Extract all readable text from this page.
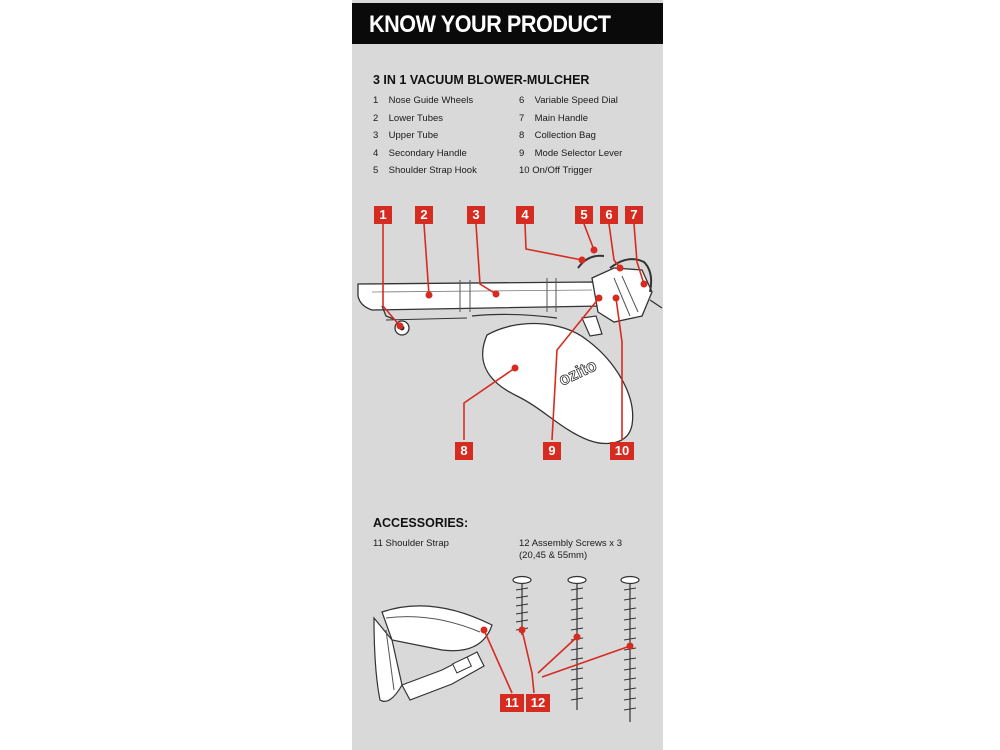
KNOW YOUR PRODUCT
3 IN 1 VACUUM BLOWER-MULCHER
1 Nose Guide Wheels
2 Lower Tubes
3 Upper Tube
4 Secondary Handle
5 Shoulder Strap Hook
6 Variable Speed Dial
7 Main Handle
8 Collection Bag
9 Mode Selector Lever
10 On/Off Trigger
ozito
1	2	3	4	5	6	7
8	9	10
ACCESSORIES:
11 Shoulder Strap	12 Assembly Screws x 3 (20,45 & 55mm)
11 12
